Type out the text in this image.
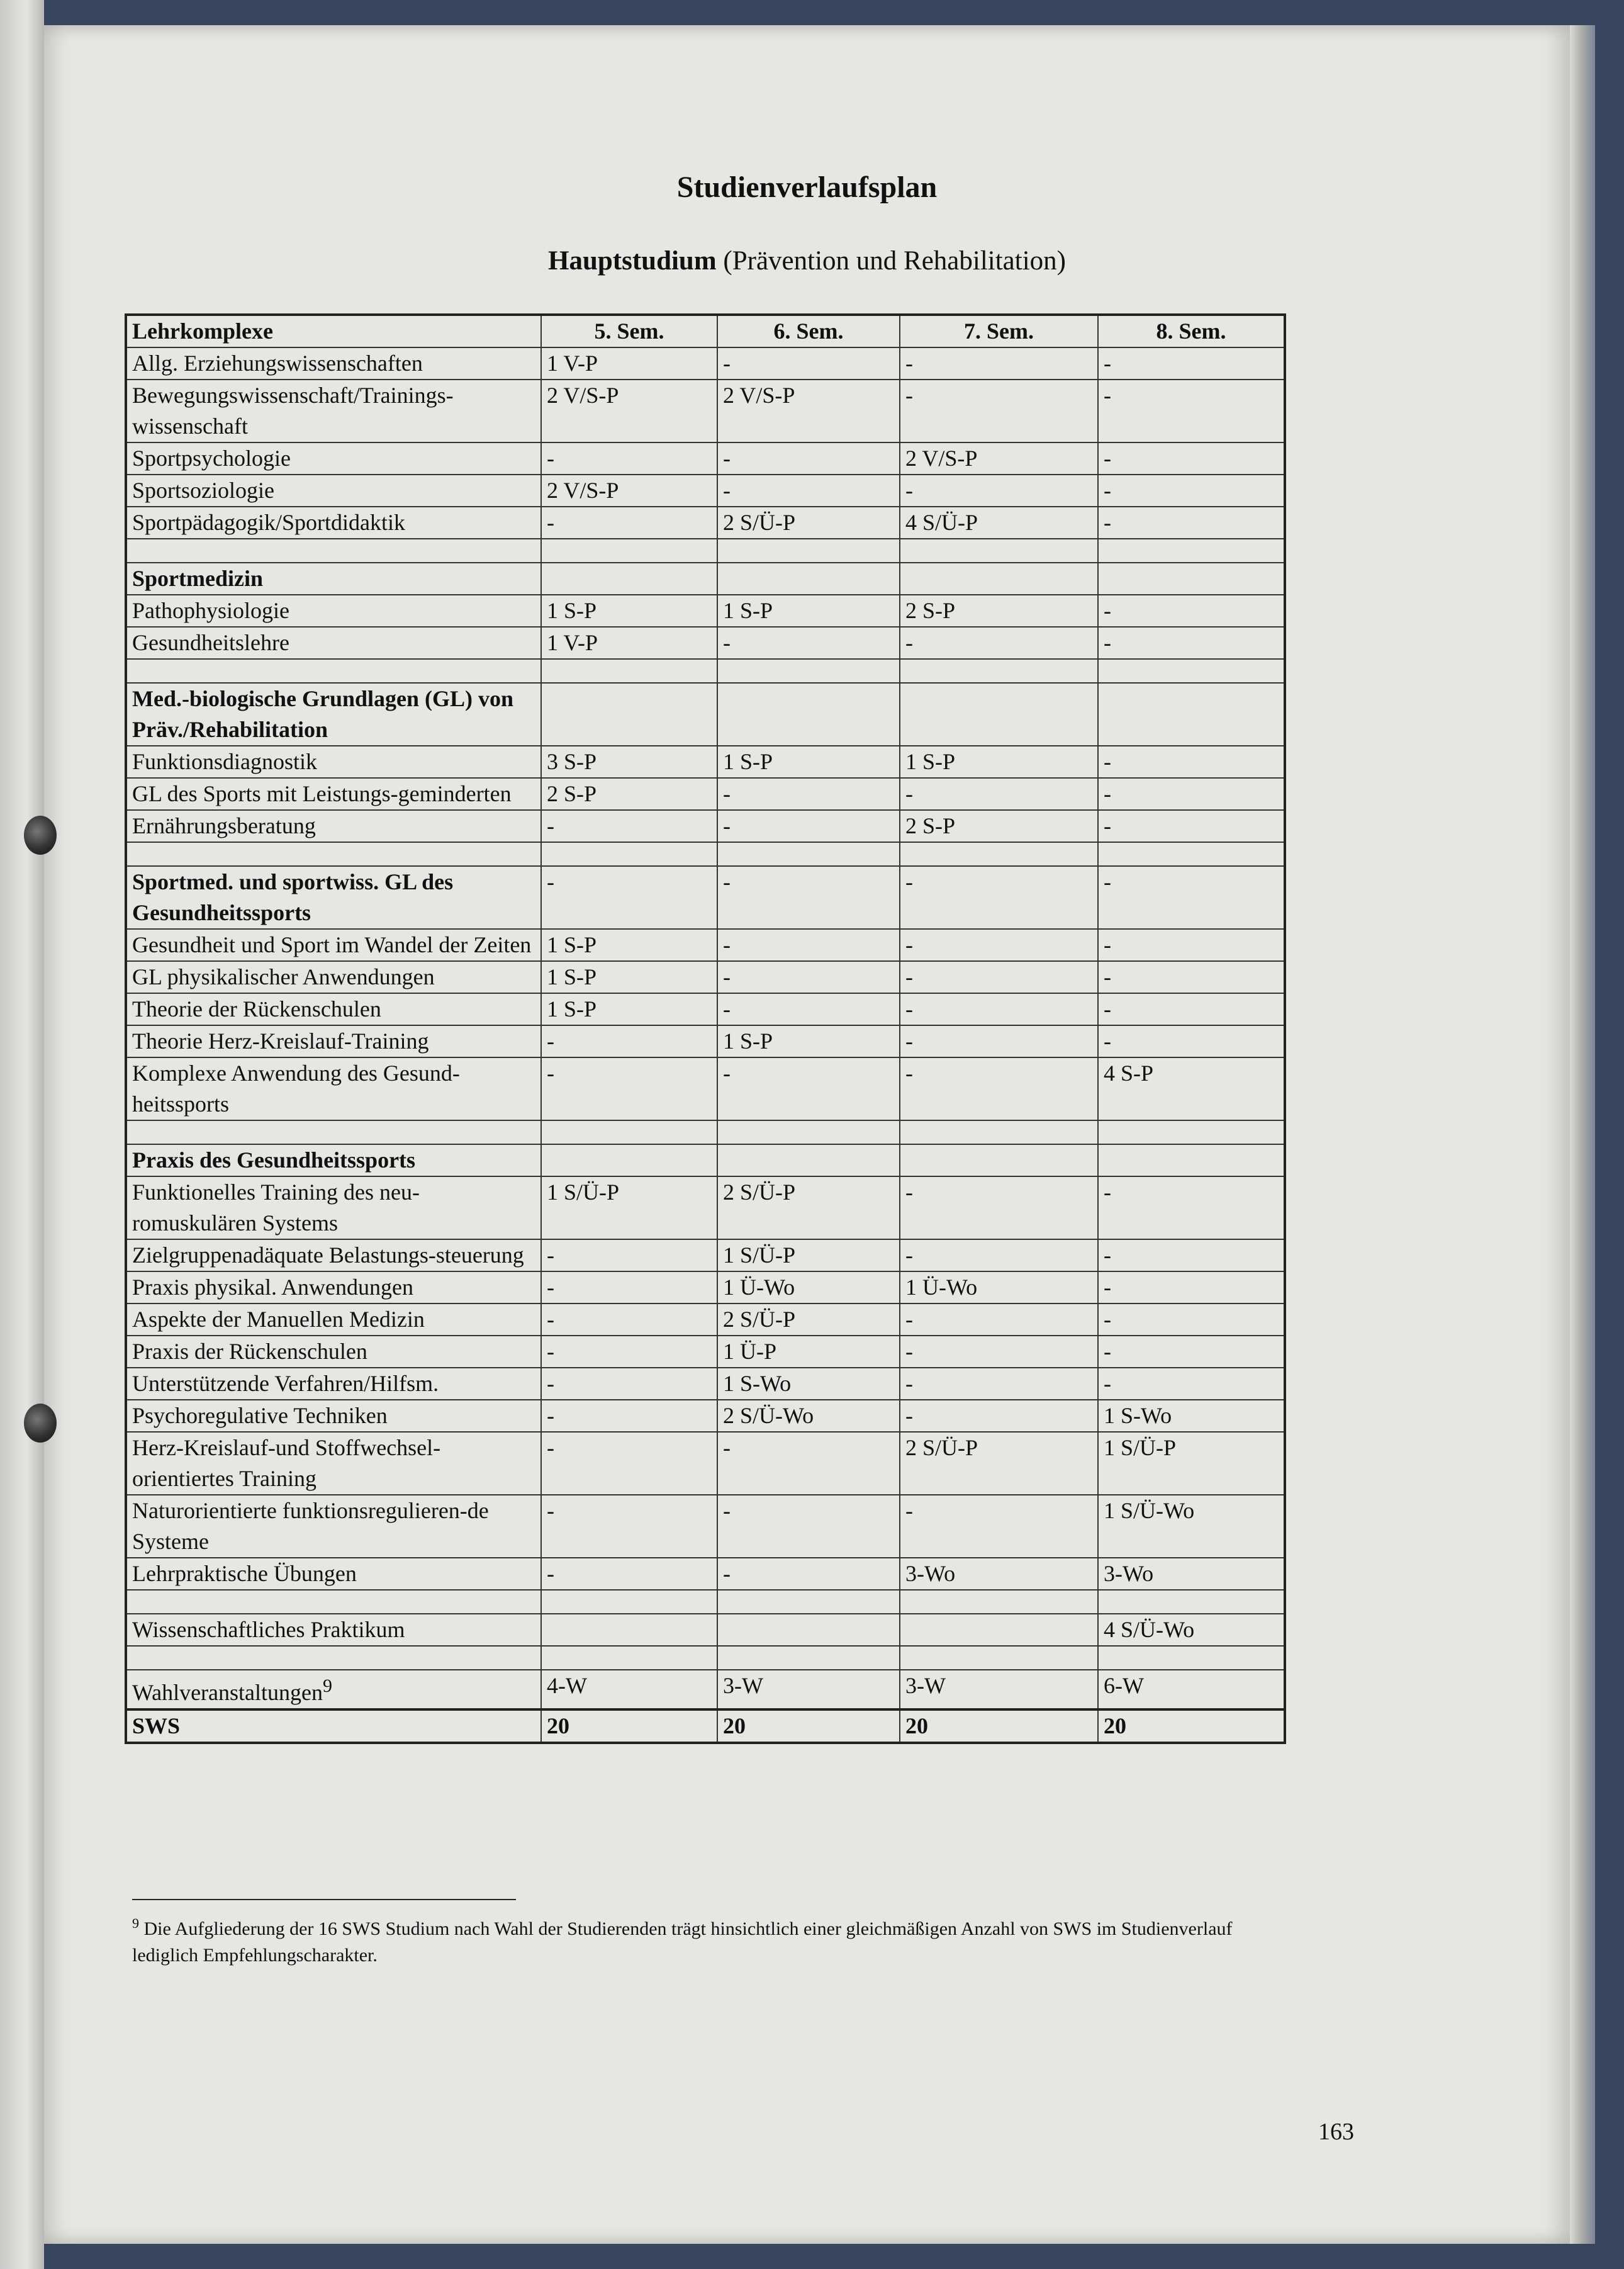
Studienverlaufsplan

Hauptstudium (Prävention und Rehabilitation)

Lehrkomplexe	5. Sem.	6. Sem.	7. Sem.	8. Sem.
Allg. Erziehungswissenschaften	1 V-P	-	-	-
Bewegungswissenschaft/Trainings-wissenschaft	2 V/S-P	2 V/S-P	-	-
Sportpsychologie	-	-	2 V/S-P	-
Sportsoziologie	2 V/S-P	-	-	-
Sportpädagogik/Sportdidaktik	-	2 S/Ü-P	4 S/Ü-P	-

Sportmedizin				
Pathophysiologie	1 S-P	1 S-P	2 S-P	-
Gesundheitslehre	1 V-P	-	-	-

Med.-biologische Grundlagen (GL) von Präv./Rehabilitation				
Funktionsdiagnostik	3 S-P	1 S-P	1 S-P	-
GL des Sports mit Leistungs-geminderten	2 S-P	-	-	-
Ernährungsberatung	-	-	2 S-P	-

Sportmed. und sportwiss. GL des Gesundheitssports	-	-	-	-
Gesundheit und Sport im Wandel der Zeiten	1 S-P	-	-	-
GL physikalischer Anwendungen	1 S-P	-	-	-
Theorie der Rückenschulen	1 S-P	-	-	-
Theorie Herz-Kreislauf-Training	-	1 S-P	-	-
Komplexe Anwendung des Gesund-heitssports	-	-	-	4 S-P

Praxis des Gesundheitssports				
Funktionelles Training des neu-romuskulären Systems	1 S/Ü-P	2 S/Ü-P	-	-
Zielgruppenadäquate Belastungs-steuerung	-	1 S/Ü-P	-	-
Praxis physikal. Anwendungen	-	1 Ü-Wo	1 Ü-Wo	-
Aspekte der Manuellen Medizin	-	2 S/Ü-P	-	-
Praxis der Rückenschulen	-	1 Ü-P	-	-
Unterstützende Verfahren/Hilfsm.	-	1 S-Wo	-	-
Psychoregulative Techniken	-	2 S/Ü-Wo	-	1 S-Wo
Herz-Kreislauf-und Stoffwechsel-orientiertes Training	-	-	2 S/Ü-P	1 S/Ü-P
Naturorientierte funktionsregulieren-de Systeme	-	-	-	1 S/Ü-Wo
Lehrpraktische Übungen	-	-	3-Wo	3-Wo

Wissenschaftliches Praktikum				4 S/Ü-Wo

Wahlveranstaltungen$^9$	4-W	3-W	3-W	6-W
SWS	20	20	20	20
$^9$ Die Aufgliederung der 16 SWS Studium nach Wahl der Studierenden trägt hinsichtlich einer gleichmäßigen Anzahl von SWS im Studienverlauf lediglich Empfehlungscharakter.
163
